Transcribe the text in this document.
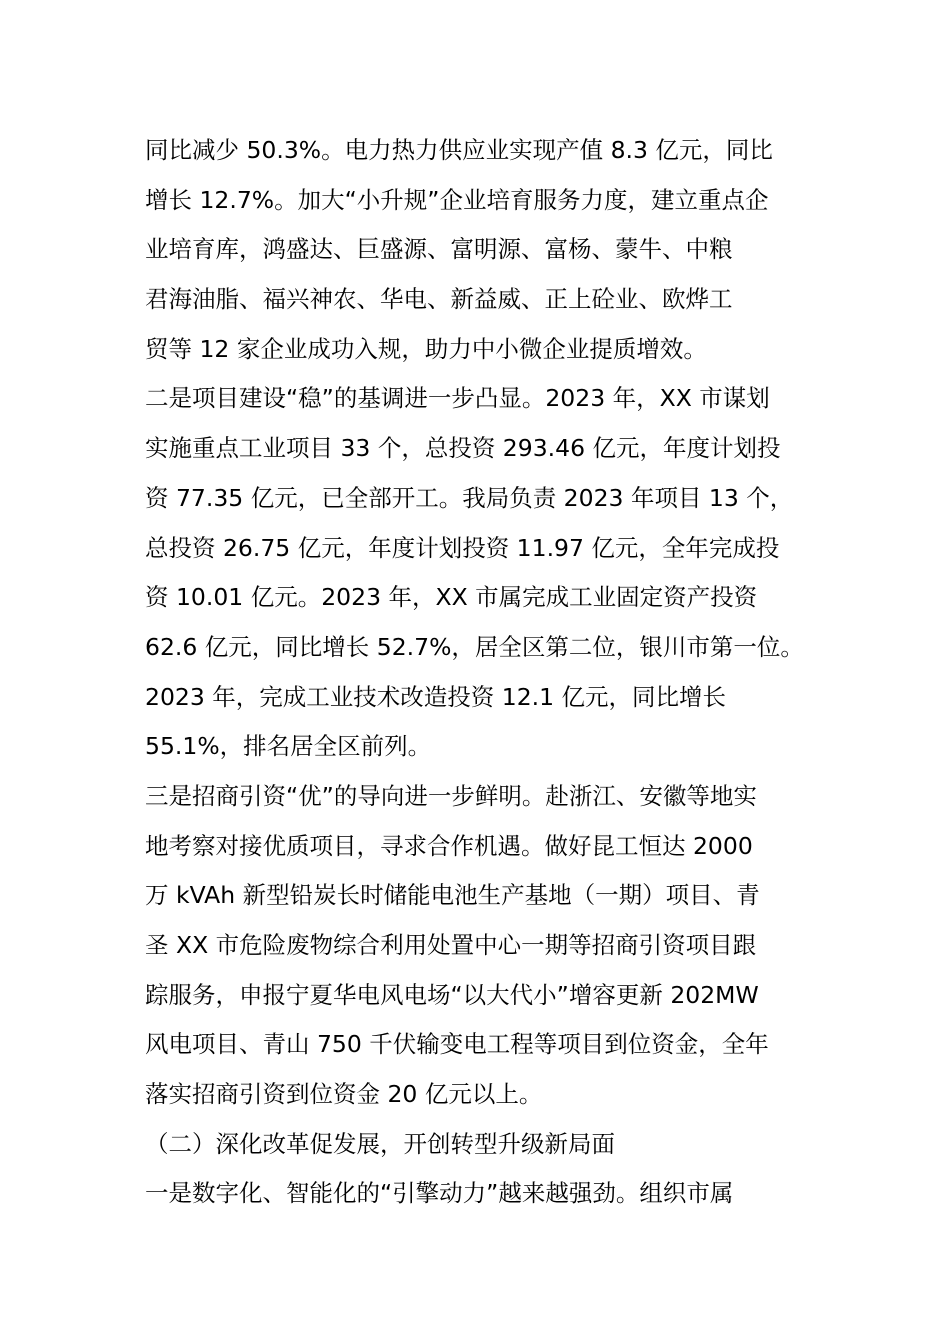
同比减少 50.3%。电力热力供应业实现产值 8.3 亿元，同比
增长 12.7%。加大“小升规”企业培育服务力度，建立重点企
业培育库，鸿盛达、巨盛源、富明源、富杨、蒙牛、中粮
君海油脂、福兴神农、华电、新益威、正上砼业、欧烨工
贸等 12 家企业成功入规，助力中小微企业提质增效。
二是项目建设“稳”的基调进一步凸显。2023 年，XX 市谋划
实施重点工业项目 33 个，总投资 293.46 亿元，年度计划投
资 77.35 亿元，已全部开工。我局负责 2023 年项目 13 个，
总投资 26.75 亿元，年度计划投资 11.97 亿元，全年完成投
资 10.01 亿元。2023 年，XX 市属完成工业固定资产投资
62.6 亿元，同比增长 52.7%，居全区第二位，银川市第一位。
2023 年，完成工业技术改造投资 12.1 亿元，同比增长
55.1%，排名居全区前列。
三是招商引资“优”的导向进一步鲜明。赴浙江、安徽等地实
地考察对接优质项目，寻求合作机遇。做好昆工恒达 2000
万 kVAh 新型铅炭长时储能电池生产基地（一期）项目、青
圣 XX 市危险废物综合利用处置中心一期等招商引资项目跟
踪服务，申报宁夏华电风电场“以大代小”增容更新 202MW
风电项目、青山 750 千伏输变电工程等项目到位资金，全年
落实招商引资到位资金 20 亿元以上。
（二）深化改革促发展，开创转型升级新局面
一是数字化、智能化的“引擎动力”越来越强劲。组织市属
